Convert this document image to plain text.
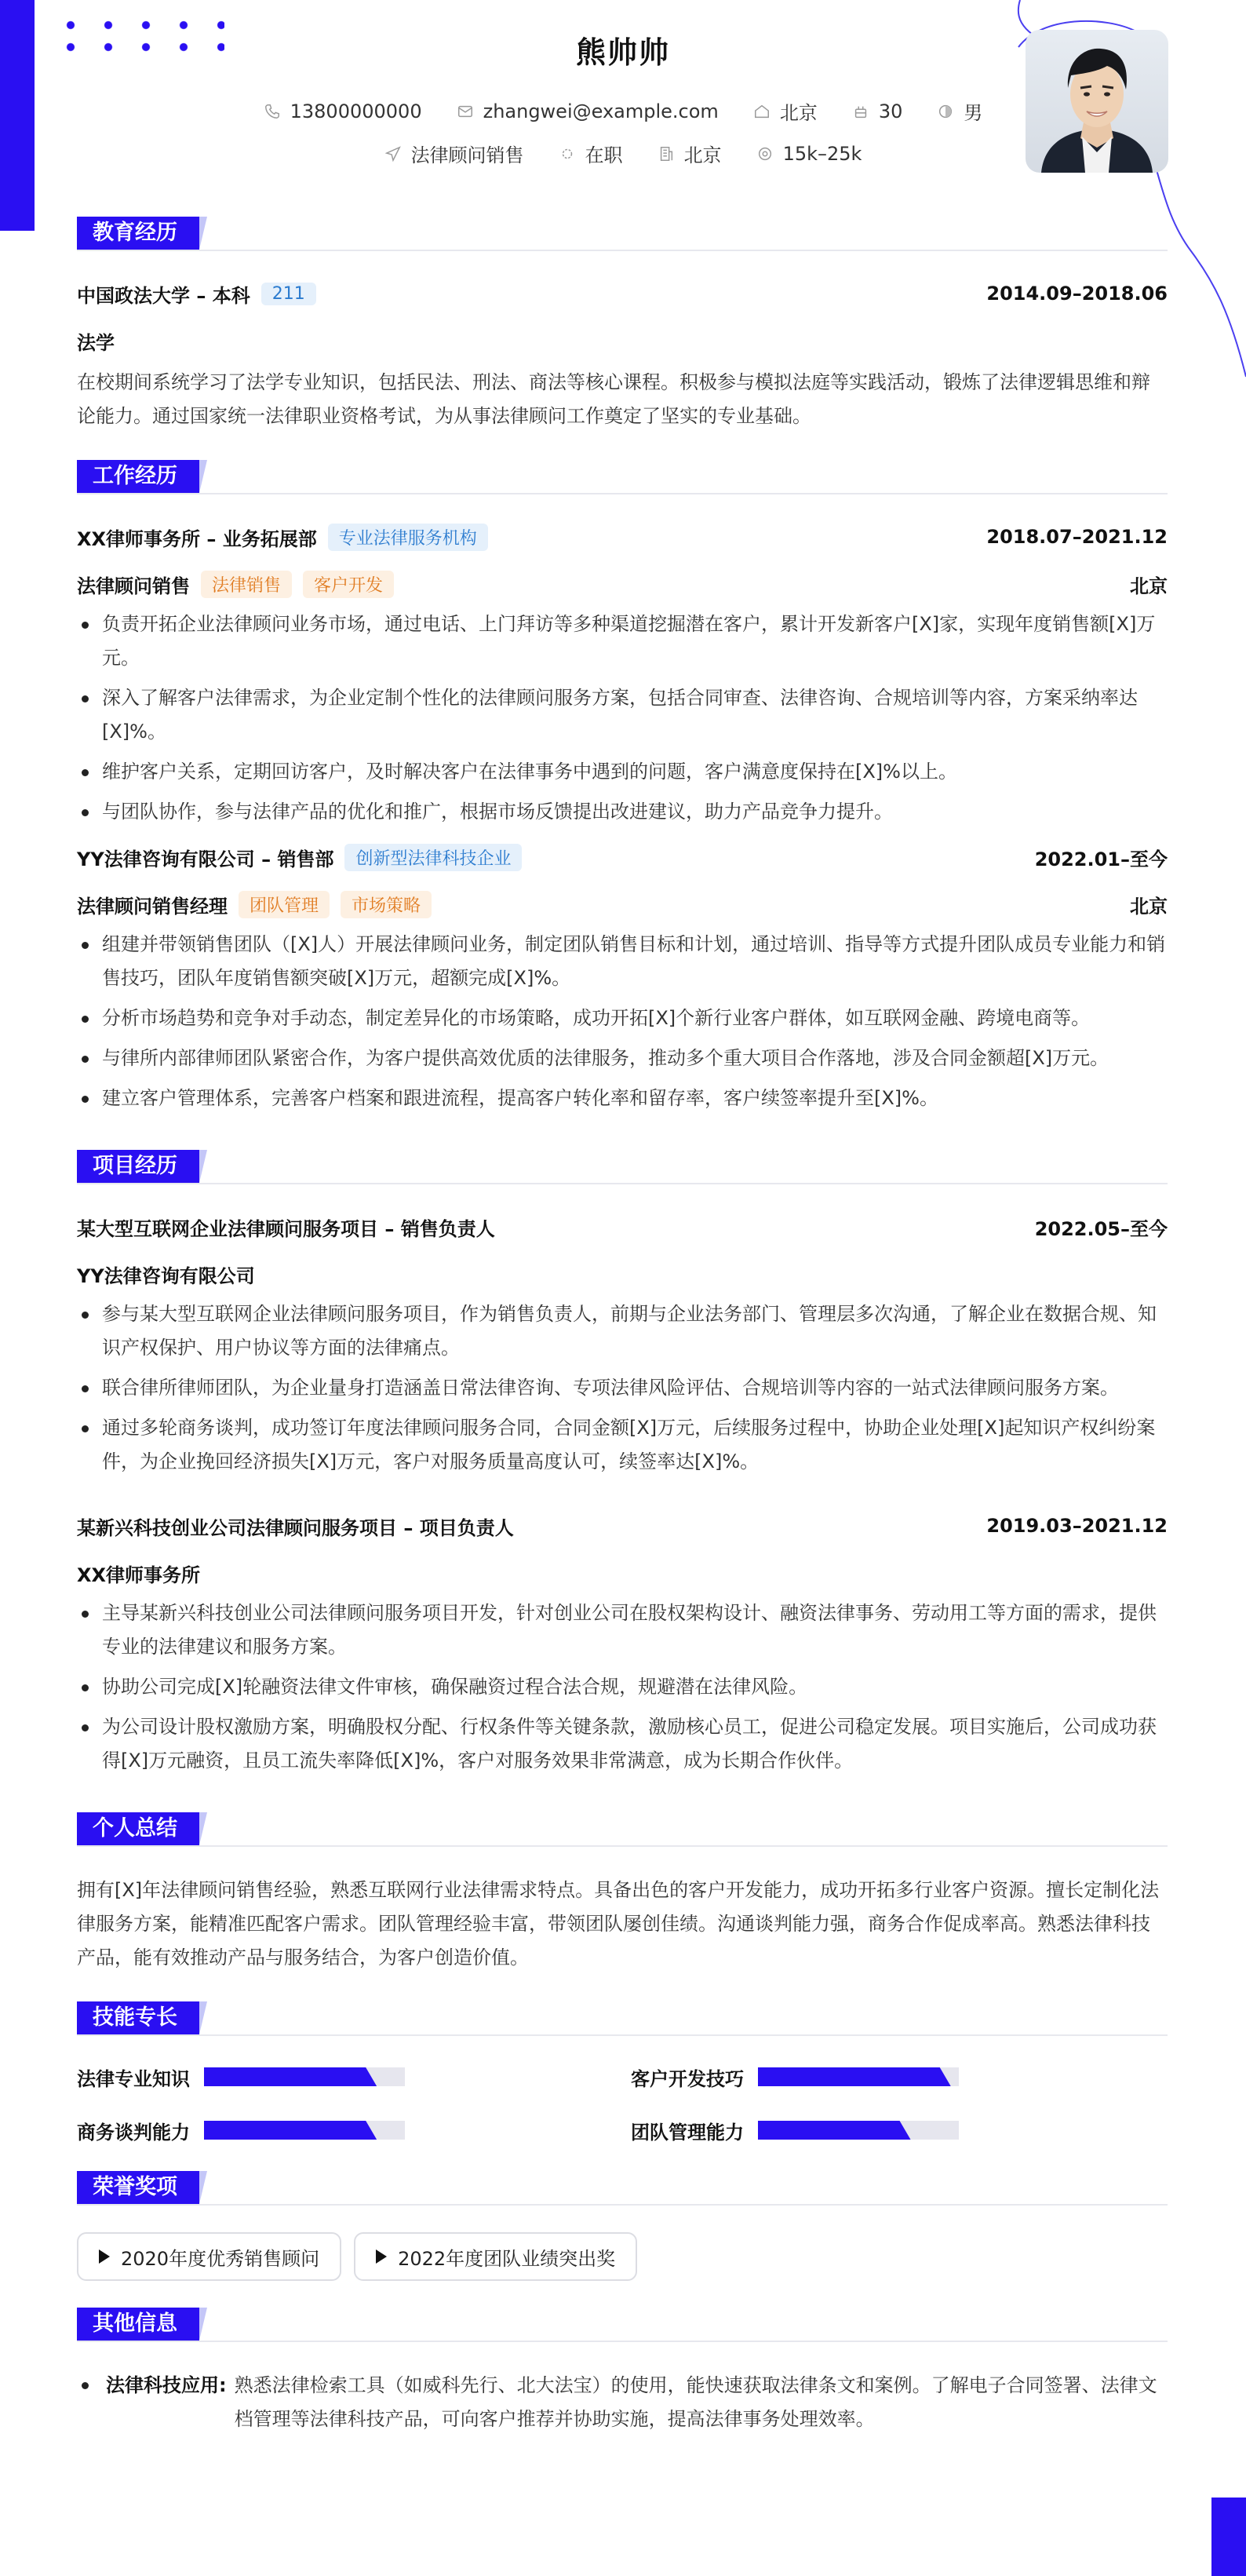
熊帅帅
13800000000	zhangwei@example.com	北京	30	男
法律顾问销售	在职	北京	15k–25k
教育经历
中国政法大学 – 本科	211	2014.09–2018.06
法学
在校期间系统学习了法学专业知识，包括民法、刑法、商法等核心课程。积极参与模拟法庭等实践活动，锻炼了法律逻辑思维和辩论能力。通过国家统一法律职业资格考试，为从事法律顾问工作奠定了坚实的专业基础。
工作经历
XX律师事务所 – 业务拓展部	专业法律服务机构	2018.07–2021.12
法律顾问销售	法律销售	客户开发	北京
负责开拓企业法律顾问业务市场，通过电话、上门拜访等多种渠道挖掘潜在客户，累计开发新客户[X]家，实现年度销售额[X]万元。
深入了解客户法律需求，为企业定制个性化的法律顾问服务方案，包括合同审查、法律咨询、合规培训等内容，方案采纳率达[X]%。
维护客户关系，定期回访客户，及时解决客户在法律事务中遇到的问题，客户满意度保持在[X]%以上。
与团队协作，参与法律产品的优化和推广，根据市场反馈提出改进建议，助力产品竞争力提升。
YY法律咨询有限公司 – 销售部	创新型法律科技企业	2022.01–至今
法律顾问销售经理	团队管理	市场策略	北京
组建并带领销售团队（[X]人）开展法律顾问业务，制定团队销售目标和计划，通过培训、指导等方式提升团队成员专业能力和销售技巧，团队年度销售额突破[X]万元，超额完成[X]%。
分析市场趋势和竞争对手动态，制定差异化的市场策略，成功开拓[X]个新行业客户群体，如互联网金融、跨境电商等。
与律所内部律师团队紧密合作，为客户提供高效优质的法律服务，推动多个重大项目合作落地，涉及合同金额超[X]万元。
建立客户管理体系，完善客户档案和跟进流程，提高客户转化率和留存率，客户续签率提升至[X]%。
项目经历
某大型互联网企业法律顾问服务项目 – 销售负责人	2022.05–至今
YY法律咨询有限公司
参与某大型互联网企业法律顾问服务项目，作为销售负责人，前期与企业法务部门、管理层多次沟通，了解企业在数据合规、知识产权保护、用户协议等方面的法律痛点。
联合律所律师团队，为企业量身打造涵盖日常法律咨询、专项法律风险评估、合规培训等内容的一站式法律顾问服务方案。
通过多轮商务谈判，成功签订年度法律顾问服务合同，合同金额[X]万元，后续服务过程中，协助企业处理[X]起知识产权纠纷案件，为企业挽回经济损失[X]万元，客户对服务质量高度认可，续签率达[X]%。
某新兴科技创业公司法律顾问服务项目 – 项目负责人	2019.03–2021.12
XX律师事务所
主导某新兴科技创业公司法律顾问服务项目开发，针对创业公司在股权架构设计、融资法律事务、劳动用工等方面的需求，提供专业的法律建议和服务方案。
协助公司完成[X]轮融资法律文件审核，确保融资过程合法合规，规避潜在法律风险。
为公司设计股权激励方案，明确股权分配、行权条件等关键条款，激励核心员工，促进公司稳定发展。项目实施后，公司成功获得[X]万元融资，且员工流失率降低[X]%，客户对服务效果非常满意，成为长期合作伙伴。
个人总结
拥有[X]年法律顾问销售经验，熟悉互联网行业法律需求特点。具备出色的客户开发能力，成功开拓多行业客户资源。擅长定制化法律服务方案，能精准匹配客户需求。团队管理经验丰富，带领团队屡创佳绩。沟通谈判能力强，商务合作促成率高。熟悉法律科技产品，能有效推动产品与服务结合，为客户创造价值。
技能专长
法律专业知识	客户开发技巧
商务谈判能力	团队管理能力
荣誉奖项
2020年度优秀销售顾问	2022年度团队业绩突出奖
其他信息
法律科技应用: 熟悉法律检索工具（如威科先行、北大法宝）的使用，能快速获取法律条文和案例。了解电子合同签署、法律文档管理等法律科技产品，可向客户推荐并协助实施，提高法律事务处理效率。
